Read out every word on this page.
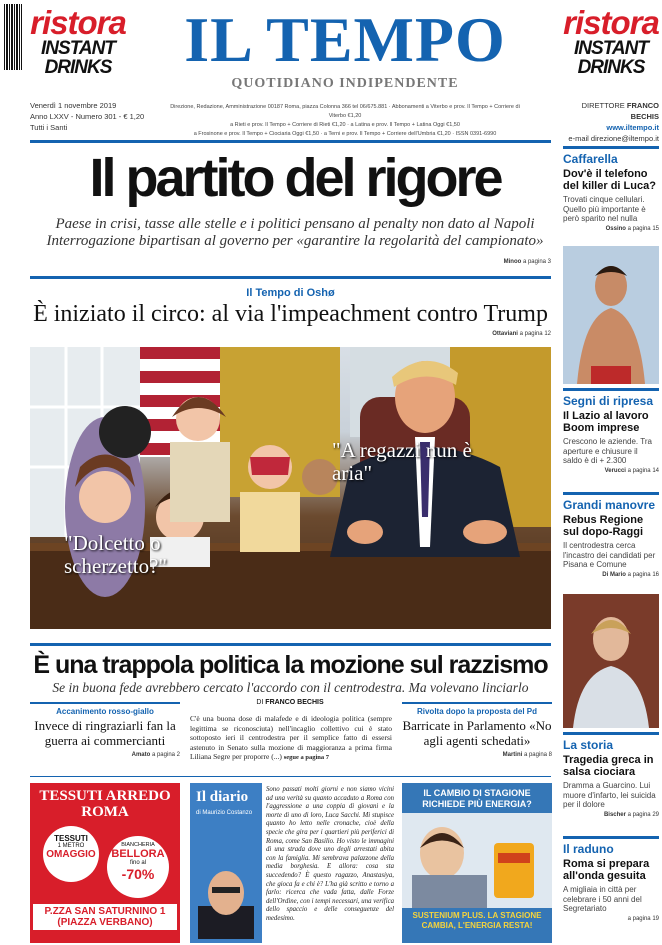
ristora
INSTANT DRINKS	IL TEMPO
QUOTIDIANO INDIPENDENTE
ristora
INSTANT DRINKS
Venerdì 1 novembre 2019
Anno LXXV - Numero 301 - € 1,20
Tutti i Santi
Direzione, Redazione, Amministrazione 00187 Roma, piazza Colonna 366 tel 06/675.881 · Abbonamenti a Viterbo e prov. Il Tempo + Corriere di Viterbo €1,20
a Rieti e prov. Il Tempo + Corriere di Rieti €1,20 · a Latina e prov. Il Tempo + Latina Oggi €1,50
a Frosinone e prov. Il Tempo + Ciociaria Oggi €1,50 · a Terni e prov. Il Tempo + Corriere dell'Umbria €1,20 · ISSN 0391-6990
DIRETTORE FRANCO BECHIS
www.iltempo.it
e-mail direzione@iltempo.it
Il partito del rigore
Paese in crisi, tasse alle stelle e i politici pensano al penalty non dato al Napoli
Interrogazione bipartisan al governo per «garantire la regolarità del campionato»
Minoo a pagina 3
Il Tempo di Oshø
È iniziato il circo: al via l'impeachment contro Trump
Ottaviani a pagina 12
"A regazzi nun è aria"
"Dolcetto o scherzetto?"
È una trappola politica la mozione sul razzismo
Se in buona fede avrebbero cercato l'accordo con il centrodestra. Ma volevano linciarlo
DI FRANCO BECHIS
Accanimento rosso-giallo
Invece di ringraziarli fan la guerra ai commercianti
Amato a pagina 2
C'è una buona dose di malafede e di ideologia politica (sempre legittima se riconosciuta) nell'incaglio collettivo cui è stato sottoposto ieri il centrodestra per il semplice fatto di essersi astenuto in Senato sulla mozione di maggioranza a prima firma Liliana Segre per proporre (...) segue a pagina 7
Rivolta dopo la proposta del Pd
Barricate in Parlamento «No agli agenti schedati»
Martini a pagina 8
TESSUTI ARREDO ROMA
TESSUTI
1 METRO
OMAGGIO
BIANCHERIA
BELLORA
fino al
-70%
P.ZZA SAN SATURNINO 1
(PIAZZA VERBANO)
Il diario
di Maurizio Costanzo
Sono passati molti giorni e non siamo vicini ad una verità su quanto accaduto a Roma con l'aggressione a una coppia di giovani e la morte di uno di loro, Luca Sacchi. Mi stupisce quanto ho letto nelle cronache, cioè della specie che gira per i quartieri più periferici di Roma, come San Basilio. Ho visto le immagini di una strada dove uno degli arrestati abita con la famiglia. Mi sembrava palazzone della media borghesia. E allora: cosa sta succedendo? È questo ragazzo, Anastasiya, che gioca fa e chi è? L'ha già scritto e torno a farlo: ricerca che vada fatta, dalle Forze dell'Ordine, con i tempi necessari, una verifica dello spaccio e delle conseguenze del medesimo.
IL CAMBIO DI STAGIONE RICHIEDE PIÙ ENERGIA?
SUSTENIUM PLUS. LA STAGIONE CAMBIA, L'ENERGIA RESTA!
Caffarella
Dov'è il telefono del killer di Luca?
Trovati cinque cellulari. Quello più importante è però sparito nel nulla
Ossino a pagina 15
Segni di ripresa
Il Lazio al lavoro Boom imprese
Crescono le aziende. Tra aperture e chiusure il saldo è di + 2.300
Verucci a pagina 14
Grandi manovre
Rebus Regione sul dopo-Raggi
Il centrodestra cerca l'incastro dei candidati per Pisana e Comune
Di Mario a pagina 16
La storia
Tragedia greca in salsa ciociara
Dramma a Guarcino. Lui muore d'infarto, lei suicida per il dolore
Bischer a pagina 29
Il raduno
Roma si prepara all'onda gesuita
A migliaia in città per celebrare i 50 anni del Segretariato
a pagina 19
